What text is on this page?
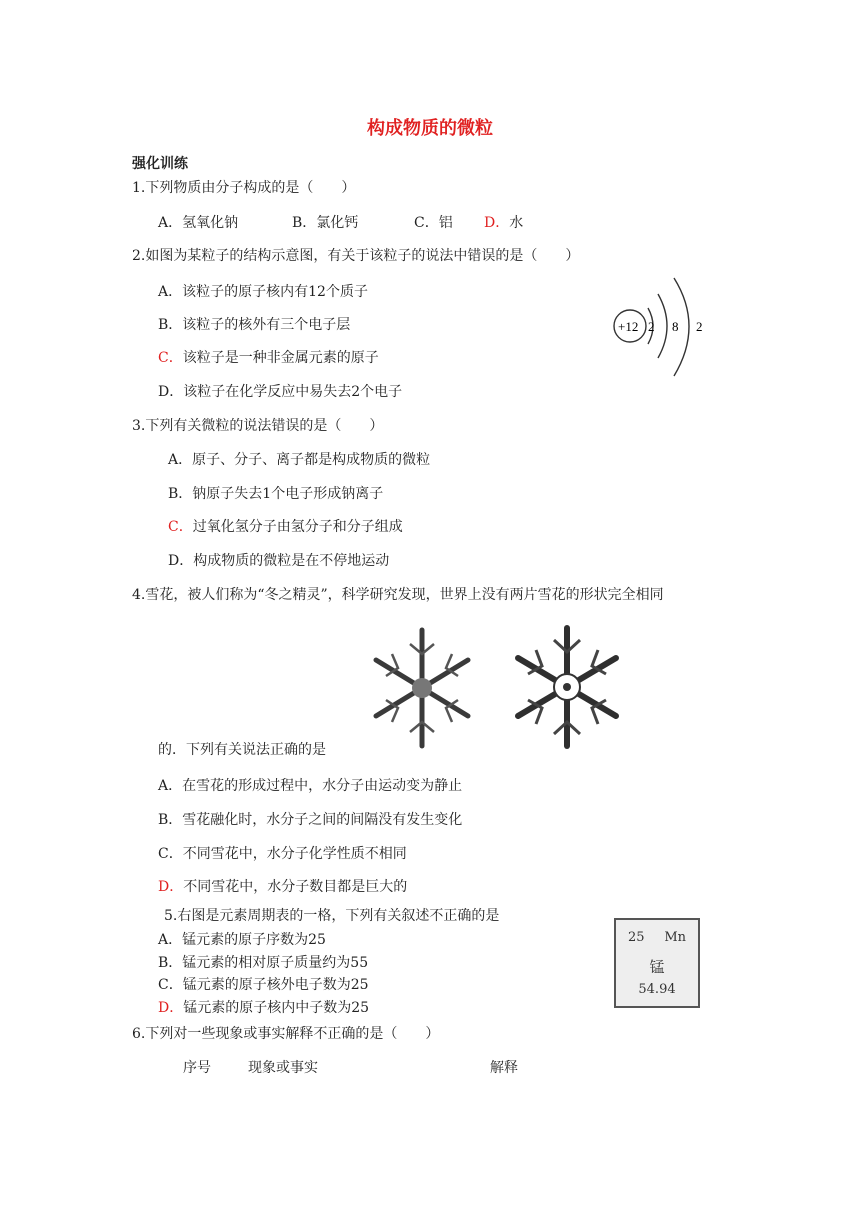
构成物质的微粒
强化训练
1.下列物质由分子构成的是（　　）
A．氢氧化钠	B．氯化钙	C．铝 D．水
2.如图为某粒子的结构示意图，有关于该粒子的说法中错误的是（　　）
A．该粒子的原子核内有12个质子
B．该粒子的核外有三个电子层
C．该粒子是一种非金属元素的原子
D．该粒子在化学反应中易失去2个电子
+12 2 8 2
3.下列有关微粒的说法错误的是（　　）
A．原子、分子、离子都是构成物质的微粒
B．钠原子失去1个电子形成钠离子
C．过氧化氢分子由氢分子和分子组成
D．构成物质的微粒是在不停地运动
4.雪花，被人们称为“冬之精灵”，科学研究发现，世界上没有两片雪花的形状完全相同
的．下列有关说法正确的是
A．在雪花的形成过程中，水分子由运动变为静止
B．雪花融化时，水分子之间的间隔没有发生变化
C．不同雪花中，水分子化学性质不相同
D．不同雪花中，水分子数目都是巨大的
5.右图是元素周期表的一格，下列有关叙述不正确的是
A．锰元素的原子序数为25
B．锰元素的相对原子质量约为55
C．锰元素的原子核外电子数为25
D．锰元素的原子核内中子数为25
25 Mn
锰
54.94
6.下列对一些现象或事实解释不正确的是（　　）
序号	现象或事实	解释
